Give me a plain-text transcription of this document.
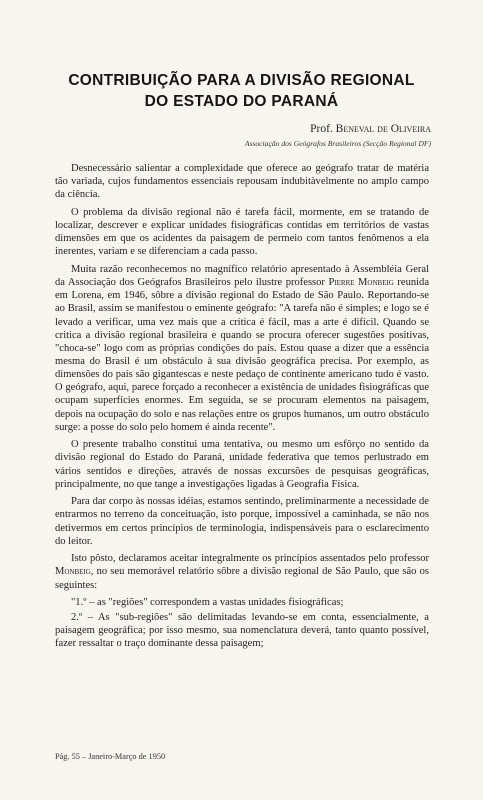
CONTRIBUIÇÃO PARA A DIVISÃO REGIONAL
DO ESTADO DO PARANÁ
Prof. Beneval de Oliveira
Associação dos Geógrafos Brasileiros (Secção Regional DF)

Desnecessário salientar a complexidade que oferece ao geógrafo tratar de matéria tão variada, cujos fundamentos essenciais repousam indubitàvelmente no amplo campo da ciência.

O problema da divisão regional não é tarefa fácil, mormente, em se tratando de localizar, descrever e explicar unidades fisiográficas contidas em territórios de vastas dimensões em que os acidentes da paisagem de permeio com tantos fenômenos a ela inerentes, variam e se diferenciam a cada passo.

Muita razão reconhecemos no magnífico relatório apresentado à Assembléia Geral da Associação dos Geógrafos Brasileiros pelo ilustre professor Pierre Monbeig reunida em Lorena, em 1946, sôbre a divisão regional do Estado de São Paulo. Reportando-se ao Brasil, assim se manifestou o eminente geógrafo: "A tarefa não é simples; e logo se é levado a verificar, uma vez mais que a crítica é fácil, mas a arte é difícil. Quando se critica a divisão regional brasileira e quando se procura oferecer sugestões positivas, "choca-se" logo com as próprias condições do país. Estou quase a dizer que a essência mesma do Brasil é um obstáculo à sua divisão geográfica precisa. Por exemplo, as dimensões do país são gigantescas e neste pedaço de continente americano tudo é vasto. O geógrafo, aqui, parece forçado a reconhecer a existência de unidades fisiográficas que ocupam superfícies enormes. Em seguida, se se procuram elementos na paisagem, depois na ocupação do solo e nas relações entre os grupos humanos, um outro obstáculo surge: a posse do solo pelo homem é ainda recente".

O presente trabalho constitui uma tentativa, ou mesmo um esfôrço no sentido da divisão regional do Estado do Paraná, unidade federativa que temos perlustrado em vários sentidos e direções, através de nossas excursões de pesquisas geográficas, principalmente, no que tange a investigações ligadas à Geografia Física.

Para dar corpo às nossas idéias, estamos sentindo, preliminarmente a necessidade de entrarmos no terreno da conceituação, isto porque, impossível a caminhada, se não nos detivermos em certos princípios de terminologia, indispensáveis para o esclarecimento do leitor.

Isto pôsto, declaramos aceitar integralmente os princípios assentados pelo professor Monbeig, no seu memorável relatório sôbre a divisão regional de São Paulo, que são os seguintes:

"1.º – as "regiões" correspondem a vastas unidades fisiográficas;

2.º – As "sub-regiões" são delimitadas levando-se em conta, essencialmente, a paisagem geográfica; por isso mesmo, sua nomenclatura deverá, tanto quanto possível, fazer ressaltar o traço dominante dessa paisagem;

Pág. 55 – Janeiro-Março de 1950
